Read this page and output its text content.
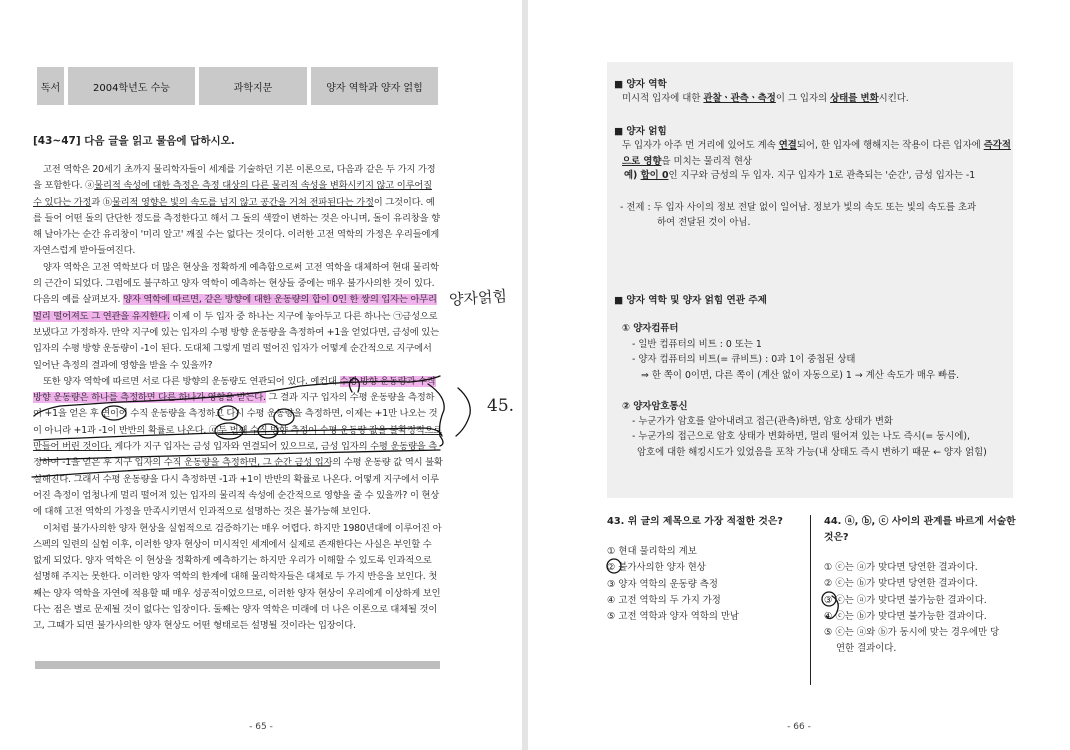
독서	2004학년도 수능	과학지문	양자 역학과 양자 얽힘
[43~47] 다음 글을 읽고 물음에 답하시오.

고전 역학은 20세기 초까지 물리학자들이 세계를 기술하던 기본 이론으로, 다음과 같은 두 가지 가정을 포함한다. ⓐ물리적 속성에 대한 측정은 측정 대상의 다른 물리적 속성을 변화시키지 않고 이루어질 수 있다는 가정과 ⓑ물리적 영향은 빛의 속도를 넘지 않고 공간을 거쳐 전파된다는 가정이 그것이다. 예를 들어 어떤 돌의 단단한 정도를 측정한다고 해서 그 돌의 색깔이 변하는 것은 아니며, 돌이 유리창을 향해 날아가는 순간 유리창이 '미리 알고' 깨질 수는 없다는 것이다. 이러한 고전 역학의 가정은 우리들에게 자연스럽게 받아들여진다.

양자 역학은 고전 역학보다 더 많은 현상을 정확하게 예측함으로써 고전 역학을 대체하여 현대 물리학의 근간이 되었다. 그럼에도 불구하고 양자 역학이 예측하는 현상들 중에는 매우 불가사의한 것이 있다. 다음의 예를 살펴보자. 양자 역학에 따르면, 같은 방향에 대한 운동량의 합이 0인 한 쌍의 입자는 아무리 멀리 떨어져도 그 연관을 유지한다. 이제 이 두 입자 중 하나는 지구에 놓아두고 다른 하나는 ㉠금성으로 보냈다고 가정하자. 만약 지구에 있는 입자의 수평 방향 운동량을 측정하여 +1을 얻었다면, 금성에 있는 입자의 수평 방향 운동량이 -1이 된다. 도대체 그렇게 멀리 떨어진 입자가 어떻게 순간적으로 지구에서 일어난 측정의 결과에 영향을 받을 수 있을까?

또한 양자 역학에 따르면 서로 다른 방향의 운동량도 연관되어 있다. 예컨대 수평 방향 운동량과 수직 방향 운동량은 하나를 측정하면 다른 하나가 영향을 받는다. 그 결과 지구 입자의 수평 운동량을 측정하여 +1을 얻은 후 연이어 수직 운동량을 측정하고 다시 수평 운동량을 측정하면, 이제는 +1만 나오는 것이 아니라 +1과 -1이 반반의 확률로 나온다. ⓒ두 번째 수직 방향 측정이 수평 운동량 값을 불확정적으로 만들어 버린 것이다. 게다가 지구 입자는 금성 입자와 연결되어 있으므로, 금성 입자의 수평 운동량을 측정하여 -1을 얻은 후 지구 입자의 수직 운동량을 측정하면, 그 순간 금성 입자의 수평 운동량 값 역시 불확실해진다. 그래서 수평 운동량을 다시 측정하면 -1과 +1이 반반의 확률로 나온다. 어떻게 지구에서 이루어진 측정이 엄청나게 멀리 떨어져 있는 입자의 물리적 속성에 순간적으로 영향을 줄 수 있을까? 이 현상에 대해 고전 역학의 가정을 만족시키면서 인과적으로 설명하는 것은 불가능해 보인다.

이처럼 불가사의한 양자 현상을 실험적으로 검증하기는 매우 어렵다. 하지만 1980년대에 이루어진 아스펙의 일련의 실험 이후, 이러한 양자 현상이 미시적인 세계에서 실제로 존재한다는 사실은 부인할 수 없게 되었다. 양자 역학은 이 현상을 정확하게 예측하기는 하지만 우리가 이해할 수 있도록 인과적으로 설명해 주지는 못한다. 이러한 양자 역학의 한계에 대해 물리학자들은 대체로 두 가지 반응을 보인다. 첫째는 양자 역학을 자연에 적용할 때 매우 성공적이었으므로, 이러한 양자 현상이 우리에게 이상하게 보인다는 점은 별로 문제될 것이 없다는 입장이다. 둘째는 양자 역학은 미래에 더 나은 이론으로 대체될 것이고, 그때가 되면 불가사의한 양자 현상도 어떤 형태로든 설명될 것이라는 입장이다.

- 65 -	- 66 -
■ 양자 역학
미시적 입자에 대한 관찰ㆍ관측ㆍ측정이 그 입자의 상태를 변화시킨다.
■ 양자 얽힘
두 입자가 아주 먼 거리에 있어도 계속 연결되어, 한 입자에 행해지는 작용이 다른 입자에 즉각적으로 영향을 미치는 물리적 현상
예) 합이 0인 지구와 금성의 두 입자. 지구 입자가 1로 관측되는 '순간', 금성 입자는 -1
- 전제 : 두 입자 사이의 정보 전달 없이 일어남. 정보가 빛의 속도 또는 빛의 속도를 초과
하여 전달된 것이 아님.
■ 양자 역학 및 양자 얽힘 연관 주제
① 양자컴퓨터
- 일반 컴퓨터의 비트 : 0 또는 1
- 양자 컴퓨터의 비트(= 큐비트) : 0과 1이 중첩된 상태
⇒ 한 쪽이 0이면, 다른 쪽이 (계산 없이 자동으로) 1 → 계산 속도가 매우 빠름.
② 양자암호통신
- 누군가가 암호를 알아내려고 접근(관측)하면, 암호 상태가 변화
- 누군가의 접근으로 암호 상태가 변화하면, 멀리 떨어져 있는 나도 즉시(= 동시에),
암호에 대한 해킹시도가 있었음을 포착 가능(내 상태도 즉시 변하기 때문 ← 양자 얽힘)
43. 위 글의 제목으로 가장 적절한 것은?
① 현대 물리학의 계보
② 불가사의한 양자 현상
③ 양자 역학의 운동량 측정
④ 고전 역학의 두 가지 가정
⑤ 고전 역학과 양자 역학의 만남
44. ⓐ, ⓑ, ⓒ 사이의 관계를 바르게 서술한
것은?
① ⓒ는 ⓐ가 맞다면 당연한 결과이다.
② ⓒ는 ⓑ가 맞다면 당연한 결과이다.
③ ⓒ는 ⓐ가 맞다면 불가능한 결과이다.
④ ⓒ는 ⓑ가 맞다면 불가능한 결과이다.
⑤ ⓒ는 ⓐ와 ⓑ가 동시에 맞는 경우에만 당
연한 결과이다.
양자얽힘
45.
